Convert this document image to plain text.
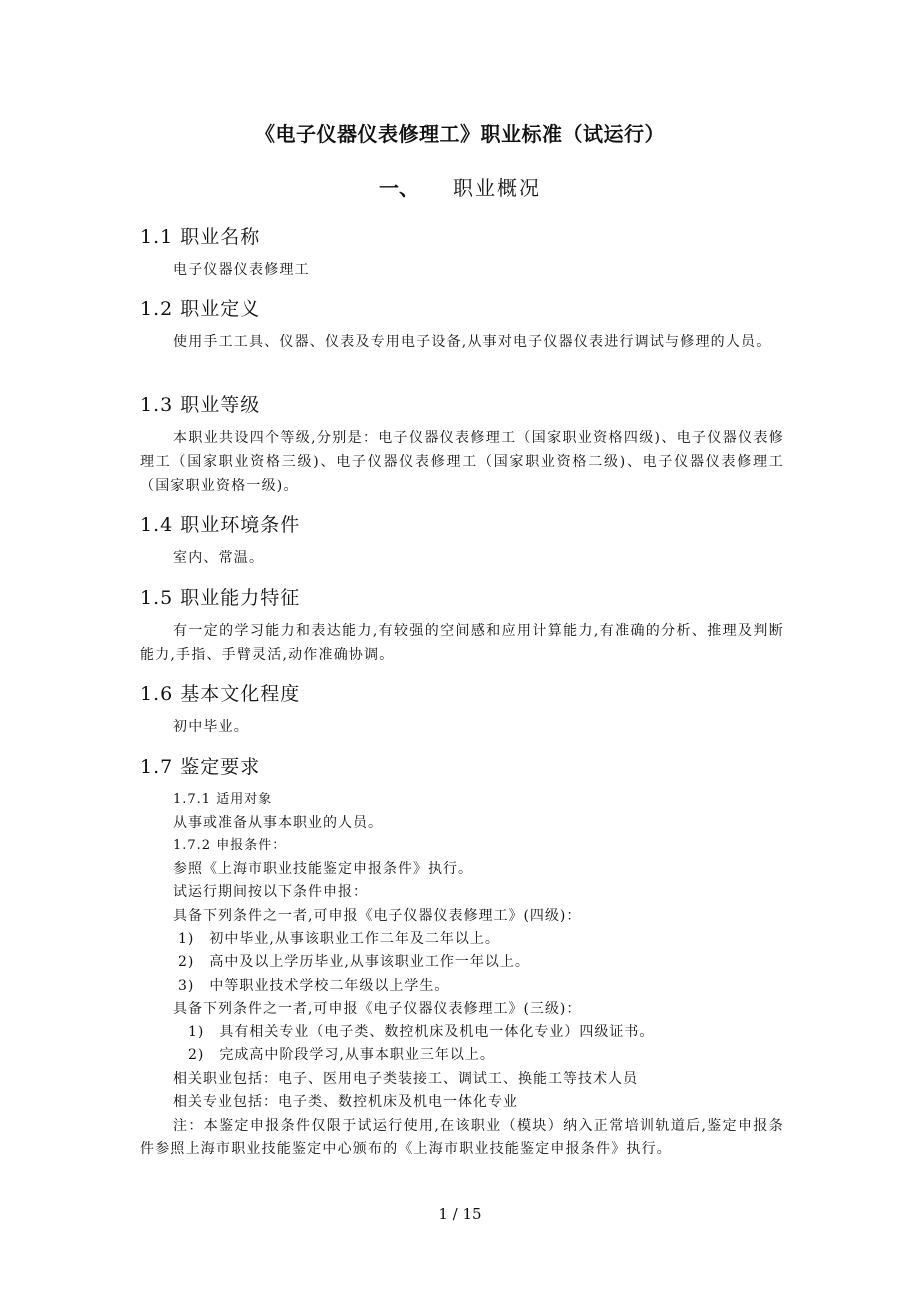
《电子仪器仪表修理工》职业标准（试运行）
一、 职业概况
1.1 职业名称
电子仪器仪表修理工
1.2 职业定义
使用手工工具、仪器、仪表及专用电子设备,从事对电子仪器仪表进行调试与修理的人员。
1.3 职业等级
本职业共设四个等级,分别是：电子仪器仪表修理工（国家职业资格四级)、电子仪器仪表修理工（国家职业资格三级)、电子仪器仪表修理工（国家职业资格二级)、电子仪器仪表修理工（国家职业资格一级)。
1.4 职业环境条件
室内、常温。
1.5 职业能力特征
有一定的学习能力和表达能力,有较强的空间感和应用计算能力,有准确的分析、推理及判断能力,手指、手臂灵活,动作准确协调。
1.6 基本文化程度
初中毕业。
1.7 鉴定要求
1.7.1 适用对象
从事或准备从事本职业的人员。
1.7.2 申报条件：
参照《上海市职业技能鉴定申报条件》执行。
试运行期间按以下条件申报：
具备下列条件之一者,可申报《电子仪器仪表修理工》(四级)：
1)　初中毕业,从事该职业工作二年及二年以上。
2)　高中及以上学历毕业,从事该职业工作一年以上。
3)　中等职业技术学校二年级以上学生。
具备下列条件之一者,可申报《电子仪器仪表修理工》(三级)：
1)　具有相关专业（电子类、数控机床及机电一体化专业）四级证书。
2)　完成高中阶段学习,从事本职业三年以上。
相关职业包括：电子、医用电子类装接工、调试工、换能工等技术人员
相关专业包括：电子类、数控机床及机电一体化专业
注：本鉴定申报条件仅限于试运行使用,在该职业（模块）纳入正常培训轨道后,鉴定申报条件参照上海市职业技能鉴定中心颁布的《上海市职业技能鉴定申报条件》执行。
1 / 15
